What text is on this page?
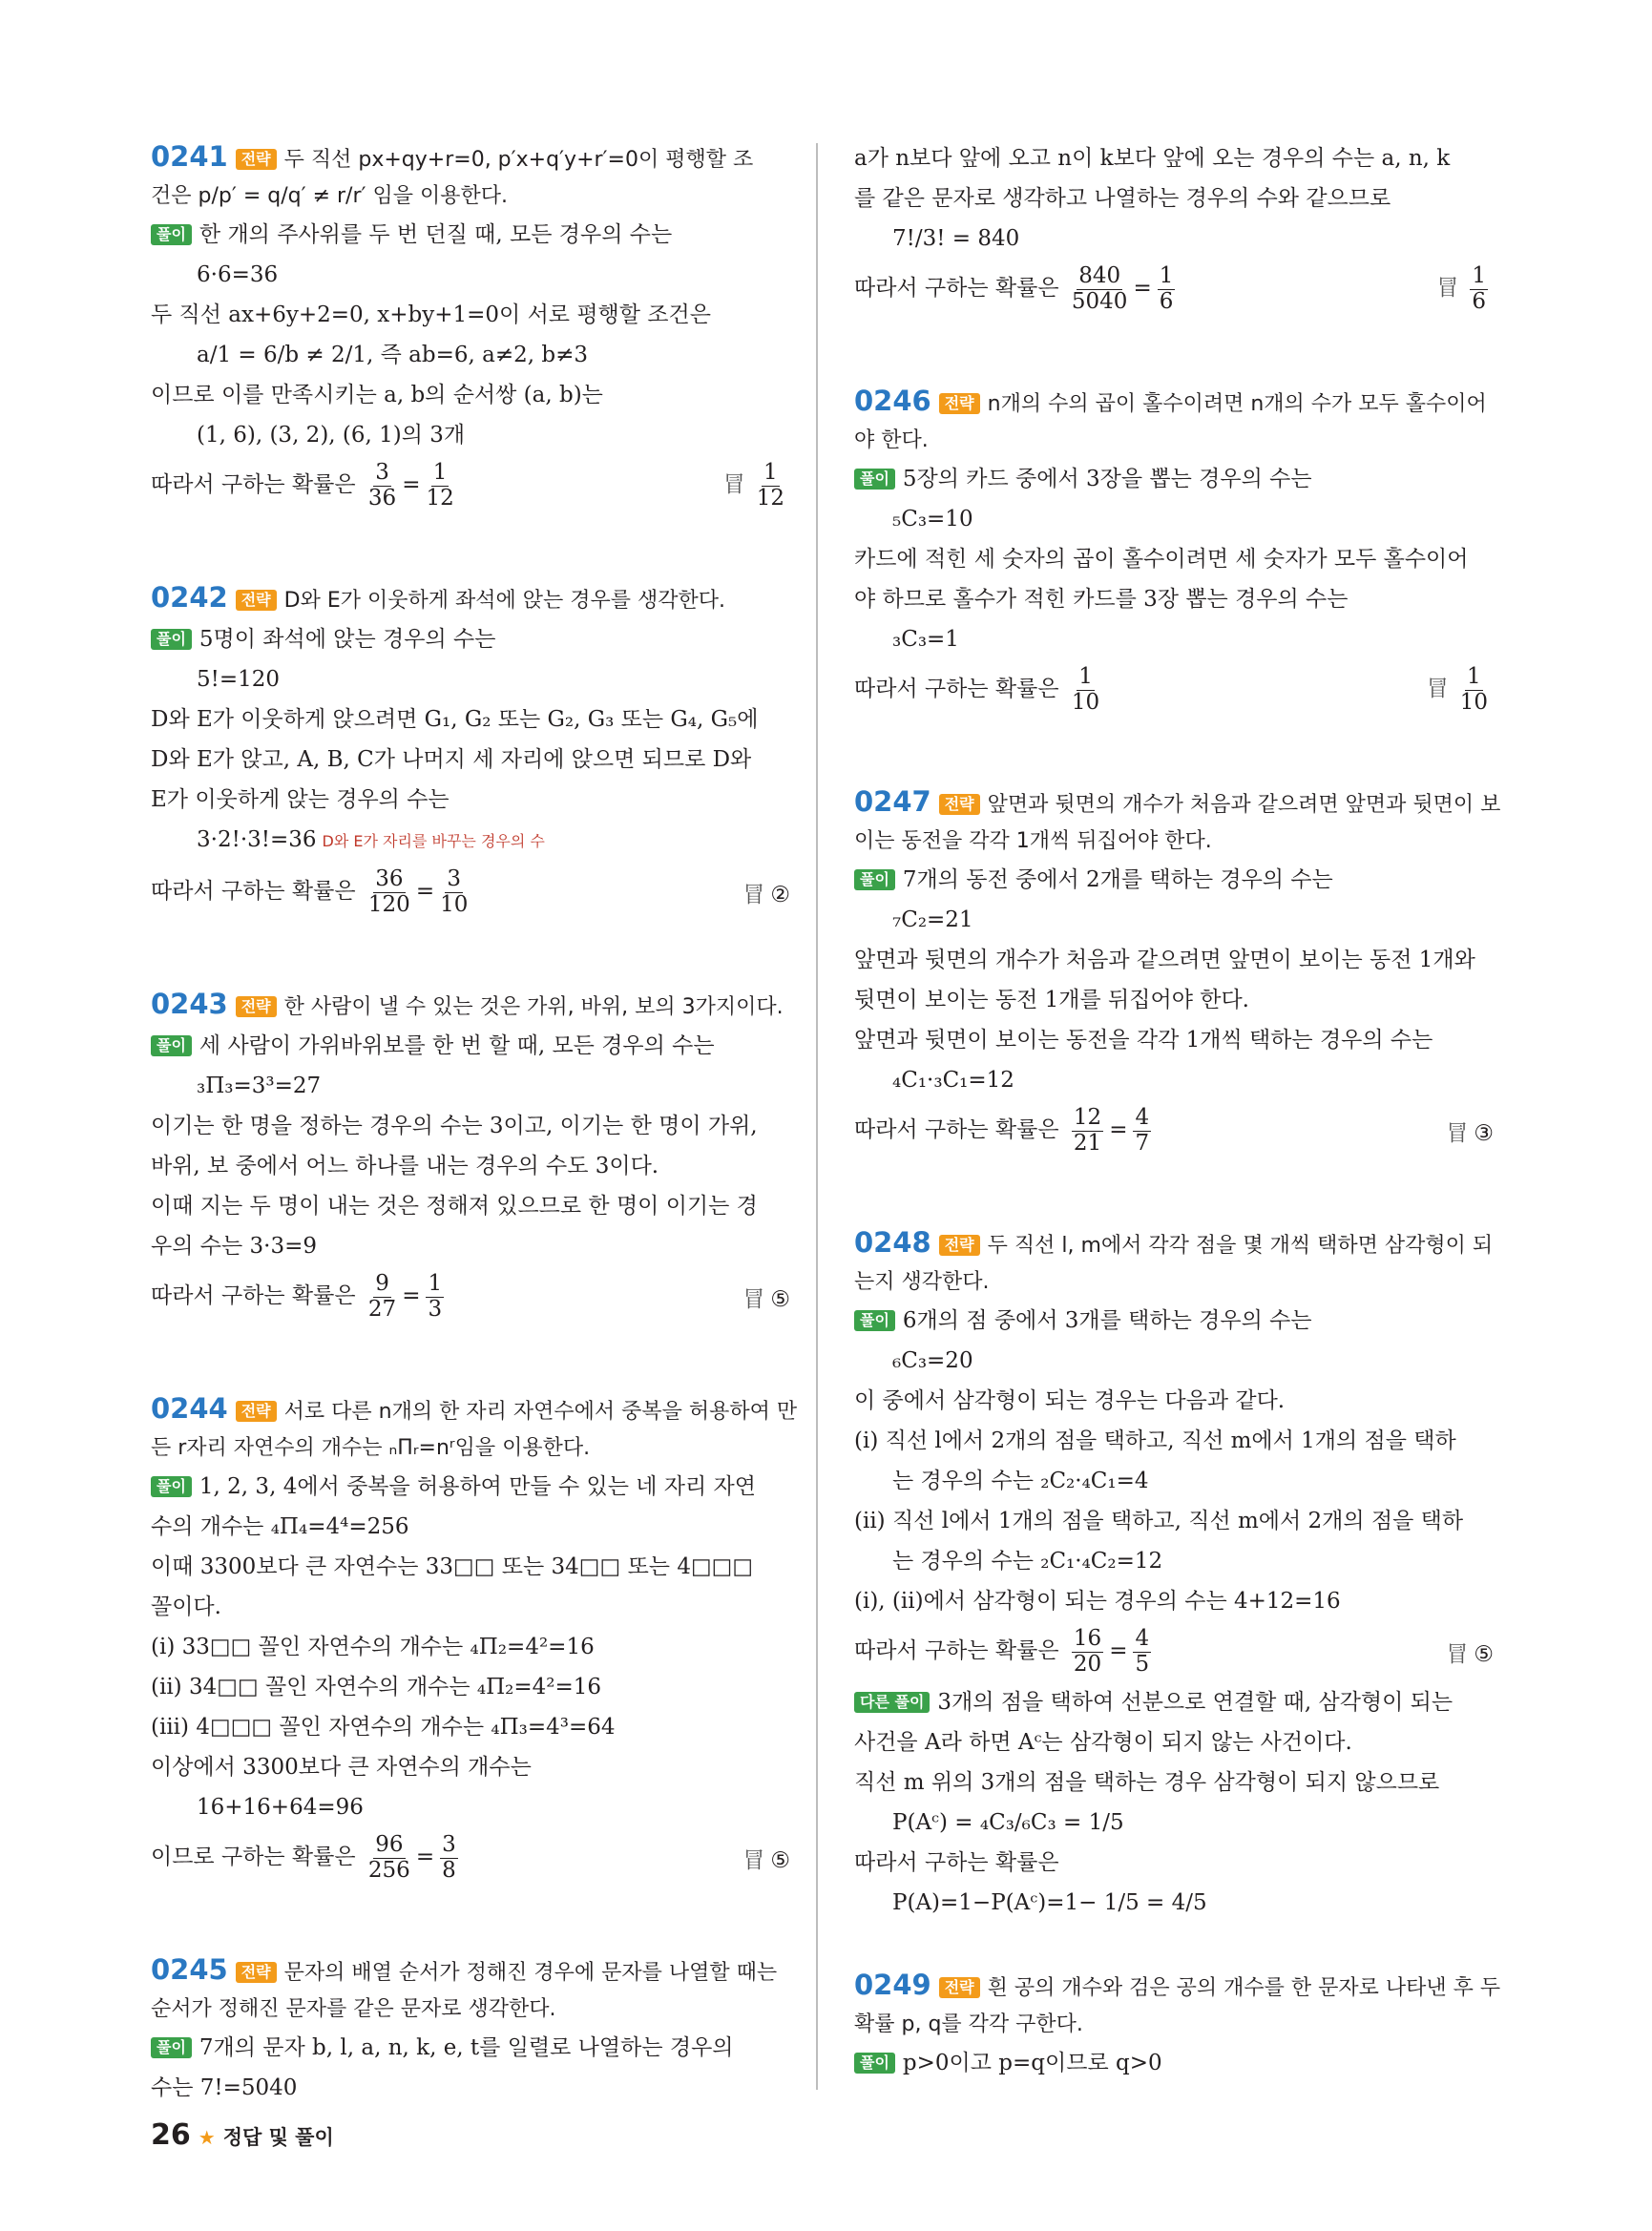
0241 전략 두 직선 px+qy+r=0, p′x+q′y+r′=0이 평행할 조
건은 p/p′ = q/q′ ≠ r/r′ 임을 이용한다.
풀이 한 개의 주사위를 두 번 던질 때, 모든 경우의 수는
6·6=36
두 직선 ax+6y+2=0, x+by+1=0이 서로 평행할 조건은
a/1 = 6/b ≠ 2/1, 즉 ab=6, a≠2, b≠3
이므로 이를 만족시키는 a, b의 순서쌍 (a, b)는
(1, 6), (3, 2), (6, 1)의 3개
따라서 구하는 확률은 $\frac{3}{36} = \frac{1}{12}$	冒 $\frac{1}{12}$
0242 전략 D와 E가 이웃하게 좌석에 앉는 경우를 생각한다.
풀이 5명이 좌석에 앉는 경우의 수는
5!=120
D와 E가 이웃하게 앉으려면 G₁, G₂ 또는 G₂, G₃ 또는 G₄, G₅에
D와 E가 앉고, A, B, C가 나머지 세 자리에 앉으면 되므로 D와
E가 이웃하게 앉는 경우의 수는
3·2!·3!=36 D와 E가 자리를 바꾸는 경우의 수
따라서 구하는 확률은 $\frac{36}{120} = \frac{3}{10}$	冒 ②
0243 전략 한 사람이 낼 수 있는 것은 가위, 바위, 보의 3가지이다.
풀이 세 사람이 가위바위보를 한 번 할 때, 모든 경우의 수는
₃Π₃=3³=27
이기는 한 명을 정하는 경우의 수는 3이고, 이기는 한 명이 가위,
바위, 보 중에서 어느 하나를 내는 경우의 수도 3이다.
이때 지는 두 명이 내는 것은 정해져 있으므로 한 명이 이기는 경
우의 수는 3·3=9
따라서 구하는 확률은 $\frac{9}{27} = \frac{1}{3}$	冒 ⑤
0244 전략 서로 다른 n개의 한 자리 자연수에서 중복을 허용하여 만
든 r자리 자연수의 개수는 ₙΠᵣ=nʳ임을 이용한다.
풀이 1, 2, 3, 4에서 중복을 허용하여 만들 수 있는 네 자리 자연
수의 개수는 ₄Π₄=4⁴=256
이때 3300보다 큰 자연수는 33□□ 또는 34□□ 또는 4□□□
꼴이다.
(i) 33□□ 꼴인 자연수의 개수는 ₄Π₂=4²=16
(ii) 34□□ 꼴인 자연수의 개수는 ₄Π₂=4²=16
(iii) 4□□□ 꼴인 자연수의 개수는 ₄Π₃=4³=64
이상에서 3300보다 큰 자연수의 개수는
16+16+64=96
이므로 구하는 확률은 $\frac{96}{256} = \frac{3}{8}$	冒 ⑤
0245 전략 문자의 배열 순서가 정해진 경우에 문자를 나열할 때는
순서가 정해진 문자를 같은 문자로 생각한다.
풀이 7개의 문자 b, l, a, n, k, e, t를 일렬로 나열하는 경우의
수는 7!=5040
a가 n보다 앞에 오고 n이 k보다 앞에 오는 경우의 수는 a, n, k
를 같은 문자로 생각하고 나열하는 경우의 수와 같으므로
7!/3! = 840
따라서 구하는 확률은 $\frac{840}{5040} = \frac{1}{6}$	冒 $\frac{1}{6}$
0246 전략 n개의 수의 곱이 홀수이려면 n개의 수가 모두 홀수이어
야 한다.
풀이 5장의 카드 중에서 3장을 뽑는 경우의 수는
₅C₃=10
카드에 적힌 세 숫자의 곱이 홀수이려면 세 숫자가 모두 홀수이어
야 하므로 홀수가 적힌 카드를 3장 뽑는 경우의 수는
₃C₃=1
따라서 구하는 확률은 $\frac{1}{10}$	冒 $\frac{1}{10}$
0247 전략 앞면과 뒷면의 개수가 처음과 같으려면 앞면과 뒷면이 보
이는 동전을 각각 1개씩 뒤집어야 한다.
풀이 7개의 동전 중에서 2개를 택하는 경우의 수는
₇C₂=21
앞면과 뒷면의 개수가 처음과 같으려면 앞면이 보이는 동전 1개와
뒷면이 보이는 동전 1개를 뒤집어야 한다.
앞면과 뒷면이 보이는 동전을 각각 1개씩 택하는 경우의 수는
₄C₁·₃C₁=12
따라서 구하는 확률은 $\frac{12}{21} = \frac{4}{7}$	冒 ③
0248 전략 두 직선 l, m에서 각각 점을 몇 개씩 택하면 삼각형이 되
는지 생각한다.
풀이 6개의 점 중에서 3개를 택하는 경우의 수는
₆C₃=20
이 중에서 삼각형이 되는 경우는 다음과 같다.
(i) 직선 l에서 2개의 점을 택하고, 직선 m에서 1개의 점을 택하
는 경우의 수는 ₂C₂·₄C₁=4
(ii) 직선 l에서 1개의 점을 택하고, 직선 m에서 2개의 점을 택하
는 경우의 수는 ₂C₁·₄C₂=12
(i), (ii)에서 삼각형이 되는 경우의 수는 4+12=16
따라서 구하는 확률은 $\frac{16}{20} = \frac{4}{5}$	冒 ⑤
다른 풀이 3개의 점을 택하여 선분으로 연결할 때, 삼각형이 되는
사건을 A라 하면 Aᶜ는 삼각형이 되지 않는 사건이다.
직선 m 위의 3개의 점을 택하는 경우 삼각형이 되지 않으므로
P(Aᶜ) = ₄C₃/₆C₃ = 1/5
따라서 구하는 확률은
P(A)=1−P(Aᶜ)=1− 1/5 = 4/5
0249 전략 흰 공의 개수와 검은 공의 개수를 한 문자로 나타낸 후 두
확률 p, q를 각각 구한다.
풀이 p>0이고 p=q이므로 q>0
26 ★ 정답 및 풀이
